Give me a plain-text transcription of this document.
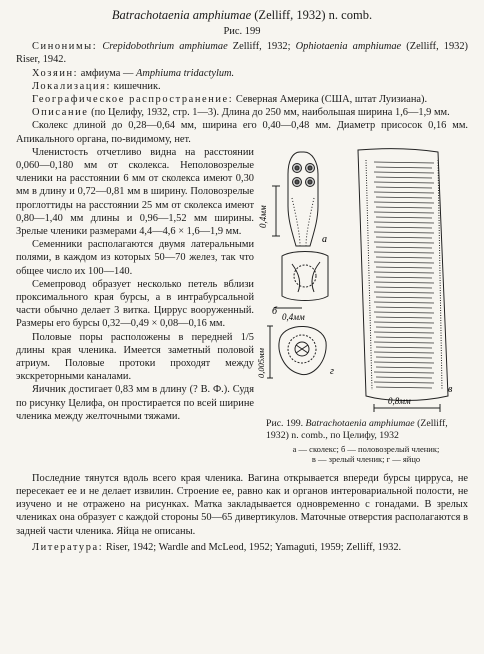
Batrachotaenia amphiumae (Zelliff, 1932) n. comb.
Рис. 199

Синонимы: Crepidobothrium amphiumae Zelliff, 1932; Ophiotaenia amphiumae (Zelliff, 1932) Riser, 1942.

Хозяин: амфиума — Amphiuma tridactylum.

Локализация: кишечник.

Географическое распространение: Северная Америка (США, штат Луизиана).

Описание (по Целифу, 1932, стр. 1—3). Длина до 250 мм, наибольшая ширина 1,6—1,9 мм.

Сколекс длиной до 0,28—0,64 мм, ширина его 0,40—0,48 мм. Диаметр присосок 0,16 мм. Апикального органа, по-видимому, нет.

Членистость отчетливо видна на расстоянии 0,060—0,180 мм от сколекса. Неполовозрелые членики на расстоянии 6 мм от сколекса имеют 0,30 мм в длину и 0,72—0,81 мм в ширину. Половозрелые проглоттиды на расстоянии 25 мм от сколекса имеют 0,80—1,40 мм длины и 0,96—1,52 мм ширины. Зрелые членики размерами 4,4—4,6 × 1,6—1,9 мм.

Семенники располагаются двумя латеральными полями, в каждом из которых 50—70 желез, так что общее число их 100—140.

Семепровод образует несколько петель вблизи проксимального края бурсы, а в интрабурсальной части обычно делает 3 витка. Циррус вооруженный. Размеры его бурсы 0,32—0,49 × 0,08—0,16 мм.

Половые поры расположены в передней 1/5 длины края членика. Имеется заметный половой атриум. Половые протоки проходят между экскреторными каналами.

Яичник достигает 0,83 мм в длину (? В. Ф.). Судя по рисунку Целифа, он простирается по всей ширине членика между желточными тяжами.

а
б
г
в
0,4мм
0,4мм
0,005мм
0,8мм
Рис. 199. Batrachotaenia amphiumae (Zelliff, 1932) n. comb., по Целифу, 1932
а — сколекс; б — половозрелый членик;
в — зрелый членик; г — яйцо

Последние тянутся вдоль всего края членика. Вагина открывается впереди бурсы цирруса, не пересекает ее и не делает извилин. Строение ее, равно как и органов интеровариальной полости, не изучено и не отражено на рисунках. Матка закладывается одновременно с гонадами. В зрелых члениках она образует с каждой стороны 50—65 дивертикулов. Маточные отверстия располагаются в задней части членика. Яйца не описаны.

Литература: Riser, 1942; Wardle and McLeod, 1952; Yamaguti, 1959; Zelliff, 1932.
